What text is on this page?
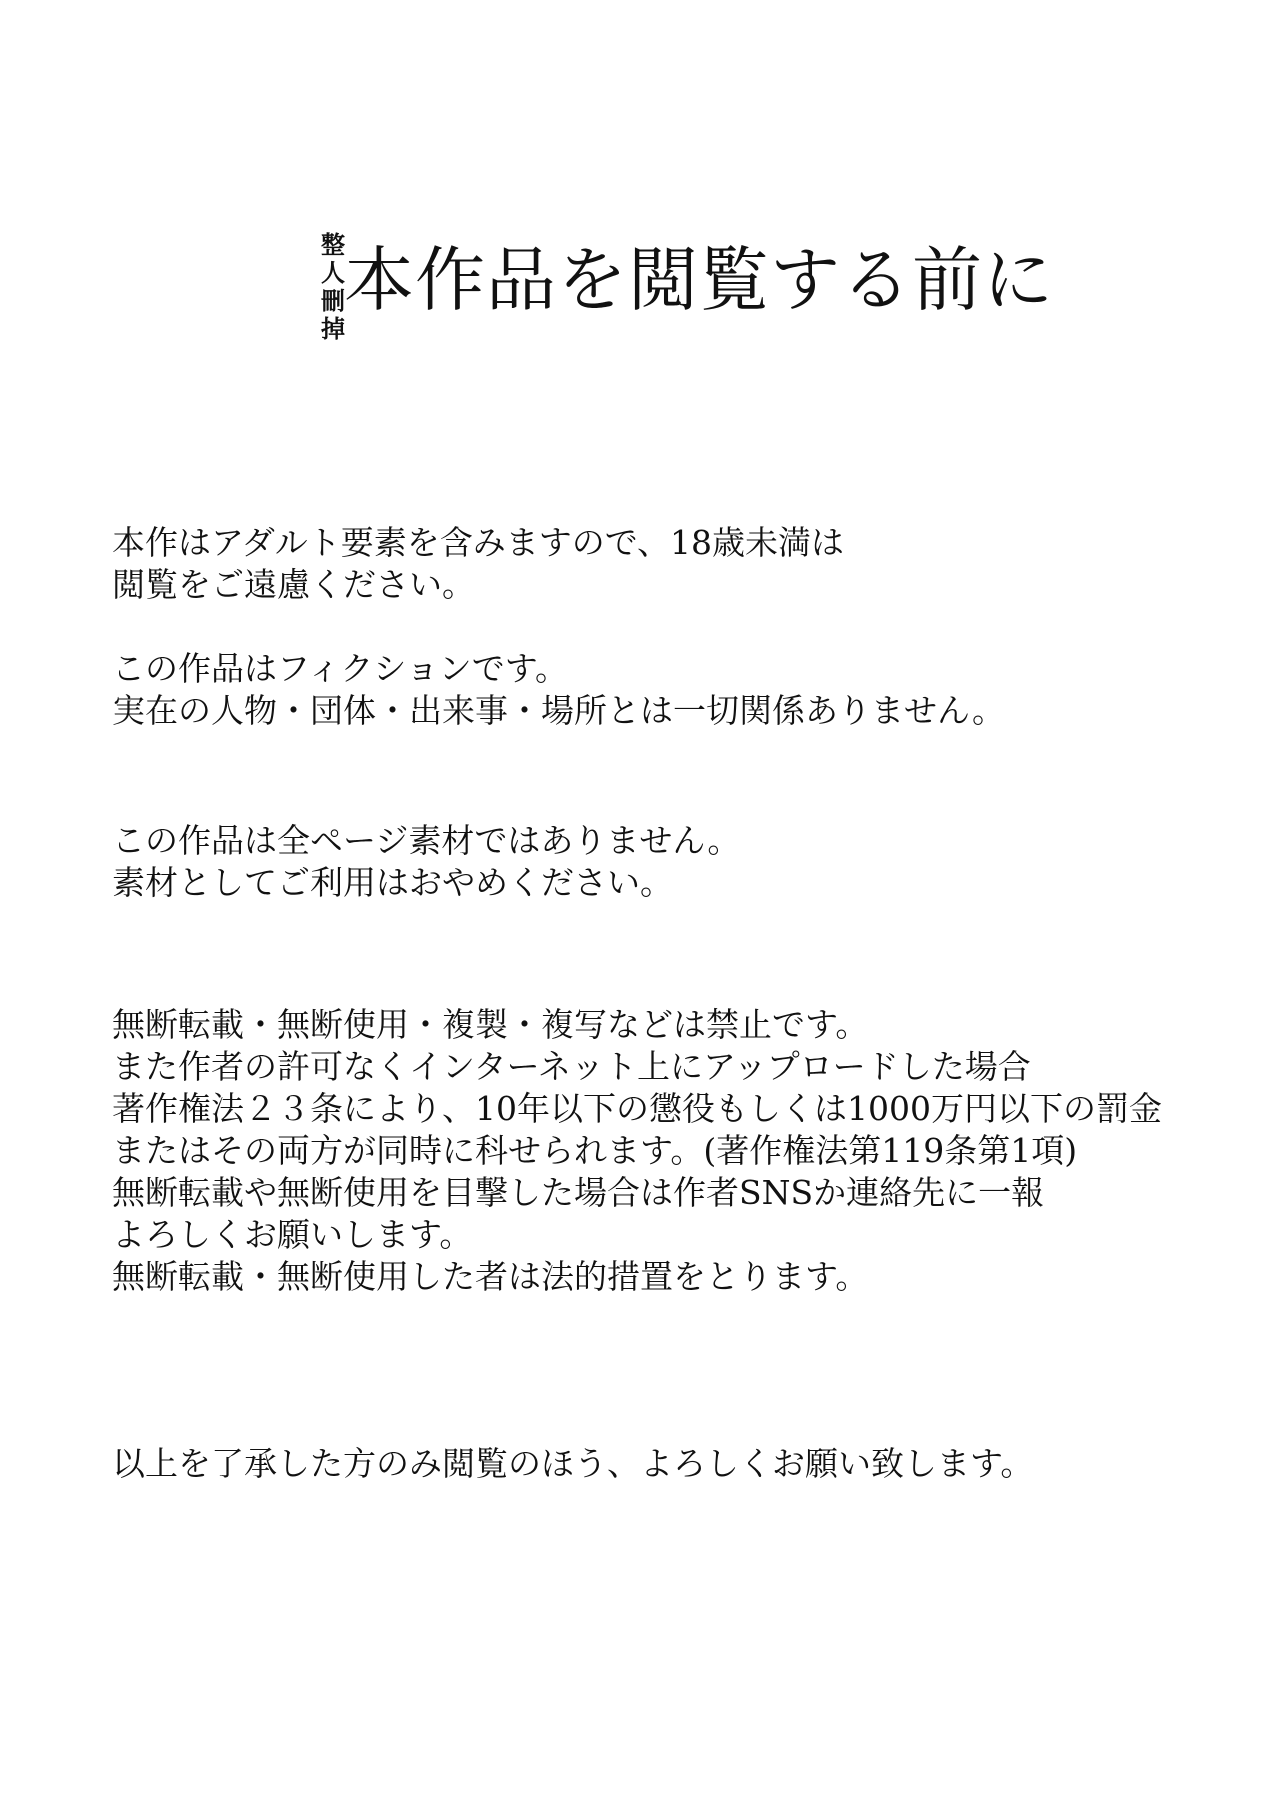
整
人
刪
掉
本作品を閲覧する前に

本作はアダルト要素を含みますので、18歳未満は

閲覧をご遠慮ください。

この作品はフィクションです。

実在の人物・団体・出来事・場所とは一切関係ありません。

この作品は全ページ素材ではありません。

素材としてご利用はおやめください。

無断転載・無断使用・複製・複写などは禁止です。

また作者の許可なくインターネット上にアップロードした場合

著作権法２３条により、10年以下の懲役もしくは1000万円以下の罰金

またはその両方が同時に科せられます。(著作権法第119条第1項)

無断転載や無断使用を目撃した場合は作者SNSか連絡先に一報

よろしくお願いします。

無断転載・無断使用した者は法的措置をとります。

以上を了承した方のみ閲覧のほう、よろしくお願い致します。
